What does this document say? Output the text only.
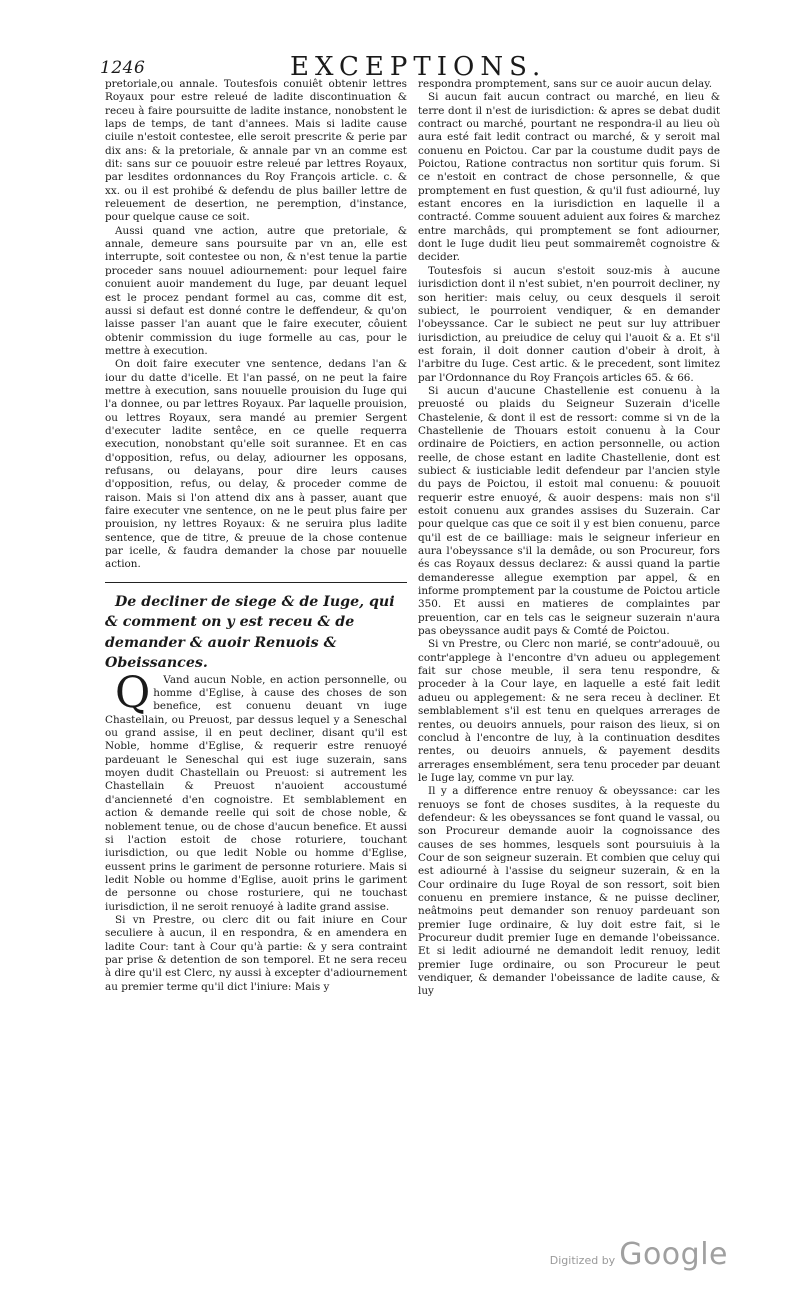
1246	EXCEPTIONS.

pretoriale,ou annale. Toutesfois conuiêt obtenir lettres Royaux pour estre releué de ladite discontinuation & receu à faire poursuitte de ladite instance, nonobstent le laps de temps, de tant d'annees. Mais si ladite cause ciuile n'estoit contestee, elle seroit prescrite & perie par dix ans: & la pretoriale, & annale par vn an comme est dit: sans sur ce pouuoir estre releué par lettres Royaux, par lesdites ordonnances du Roy François article. c. & xx. ou il est prohibé & defendu de plus bailler lettre de releuement de desertion, ne peremption, d'instance, pour quelque cause ce soit.

Aussi quand vne action, autre que pretoriale, & annale, demeure sans poursuite par vn an, elle est interrupte, soit contestee ou non, & n'est tenue la partie proceder sans nouuel adiournement: pour lequel faire conuient auoir mandement du Iuge, par deuant lequel est le procez pendant formel au cas, comme dit est, aussi si defaut est donné contre le deffendeur, & qu'on laisse passer l'an auant que le faire executer, côuient obtenir commission du iuge formelle au cas, pour le mettre à execution.

On doit faire executer vne sentence, dedans l'an & iour du datte d'icelle. Et l'an passé, on ne peut la faire mettre à execution, sans nouuelle prouision du Iuge qui l'a donnee, ou par lettres Royaux. Par laquelle prouision, ou lettres Royaux, sera mandé au premier Sergent d'executer ladite sentêce, en ce quelle requerra execution, nonobstant qu'elle soit surannee. Et en cas d'opposition, refus, ou delay, adiourner les opposans, refusans, ou delayans, pour dire leurs causes d'opposition, refus, ou delay, & proceder comme de raison. Mais si l'on attend dix ans à passer, auant que faire executer vne sentence, on ne le peut plus faire per prouision, ny lettres Royaux: & ne seruira plus ladite sentence, que de titre, & preuue de la chose contenue par icelle, & faudra demander la chose par nouuelle action.

De decliner de siege & de Iuge, qui & comment on y est receu & de demander & auoir Renuois & Obeissances.

Q Vand aucun Noble, en action personnelle, ou homme d'Eglise, à cause des choses de son benefice, est conuenu deuant vn iuge Chastellain, ou Preuost, par dessus lequel y a Seneschal ou grand assise, il en peut decliner, disant qu'il est Noble, homme d'Eglise, & requerir estre renuoyé pardeuant le Seneschal qui est iuge suzerain, sans moyen dudit Chastellain ou Preuost: si autrement les Chastellain & Preuost n'auoient accoustumé d'ancienneté d'en cognoistre. Et semblablement en action & demande reelle qui soit de chose noble, & noblement tenue, ou de chose d'aucun benefice. Et aussi si l'action estoit de chose roturiere, touchant iurisdiction, ou que ledit Noble ou homme d'Eglise, eussent prins le gariment de personne roturiere. Mais si ledit Noble ou homme d'Eglise, auoit prins le gariment de personne ou chose rosturiere, qui ne touchast iurisdiction, il ne seroit renuoyé à ladite grand assise.

Si vn Prestre, ou clerc dit ou fait iniure en Cour seculiere à aucun, il en respondra, & en amendera en ladite Cour: tant à Cour qu'à partie: & y sera contraint par prise & detention de son temporel. Et ne sera receu à dire qu'il est Clerc, ny aussi à excepter d'adiournement au premier terme qu'il dict l'iniure: Mais y

respondra promptement, sans sur ce auoir aucun delay.

Si aucun fait aucun contract ou marché, en lieu & terre dont il n'est de iurisdiction: & apres se debat dudit contract ou marché, pourtant ne respondra-il au lieu où aura esté fait ledit contract ou marché, & y seroit mal conuenu en Poictou. Car par la coustume dudit pays de Poictou, Ratione contractus non sortitur quis forum. Si ce n'estoit en contract de chose personnelle, & que promptement en fust question, & qu'il fust adiourné, luy estant encores en la iurisdiction en laquelle il a contracté. Comme souuent aduient aux foires & marchez entre marchâds, qui promptement se font adiourner, dont le Iuge dudit lieu peut sommairemêt cognoistre & decider.

Toutesfois si aucun s'estoit souz-mis à aucune iurisdiction dont il n'est subiet, n'en pourroit decliner, ny son heritier: mais celuy, ou ceux desquels il seroit subiect, le pourroient vendiquer, & en demander l'obeyssance. Car le subiect ne peut sur luy attribuer iurisdiction, au preiudice de celuy qui l'auoit & a. Et s'il est forain, il doit donner caution d'obeir à droit, à l'arbitre du Iuge. Cest artic. & le precedent, sont limitez par l'Ordonnance du Roy François articles 65. & 66.

Si aucun d'aucune Chastellenie est conuenu à la preuosté ou plaids du Seigneur Suzerain d'icelle Chastelenie, & dont il est de ressort: comme si vn de la Chastellenie de Thouars estoit conuenu à la Cour ordinaire de Poictiers, en action personnelle, ou action reelle, de chose estant en ladite Chastellenie, dont est subiect & iusticiable ledit defendeur par l'ancien style du pays de Poictou, il estoit mal conuenu: & pouuoit requerir estre enuoyé, & auoir despens: mais non s'il estoit conuenu aux grandes assises du Suzerain. Car pour quelque cas que ce soit il y est bien conuenu, parce qu'il est de ce bailliage: mais le seigneur inferieur en aura l'obeyssance s'il la demâde, ou son Procureur, fors és cas Royaux dessus declarez: & aussi quand la partie demanderesse allegue exemption par appel, & en informe promptement par la coustume de Poictou article 350. Et aussi en matieres de complaintes par preuention, car en tels cas le seigneur suzerain n'aura pas obeyssance audit pays & Comté de Poictou.

Si vn Prestre, ou Clerc non marié, se contr'adouuë, ou contr'applege à l'encontre d'vn adueu ou applegement fait sur chose meuble, il sera tenu respondre, & proceder à la Cour laye, en laquelle a esté fait ledit adueu ou applegement: & ne sera receu à decliner. Et semblablement s'il est tenu en quelques arrerages de rentes, ou deuoirs annuels, pour raison des lieux, si on conclud à l'encontre de luy, à la continuation desdites rentes, ou deuoirs annuels, & payement desdits arrerages ensemblément, sera tenu proceder par deuant le Iuge lay, comme vn pur lay.

Il y a difference entre renuoy & obeyssance: car les renuoys se font de choses susdites, à la requeste du defendeur: & les obeyssances se font quand le vassal, ou son Procureur demande auoir la cognoissance des causes de ses hommes, lesquels sont poursuiuis à la Cour de son seigneur suzerain. Et combien que celuy qui est adiourné à l'assise du seigneur suzerain, & en la Cour ordinaire du Iuge Royal de son ressort, soit bien conuenu en premiere instance, & ne puisse decliner, neâtmoins peut demander son renuoy pardeuant son premier Iuge ordinaire, & luy doit estre fait, si le Procureur dudit premier Iuge en demande l'obeissance. Et si ledit adiourné ne demandoit ledit renuoy, ledit premier Iuge ordinaire, ou son Procureur le peut vendiquer, & demander l'obeissance de ladite cause, & luy

Digitized by Google
